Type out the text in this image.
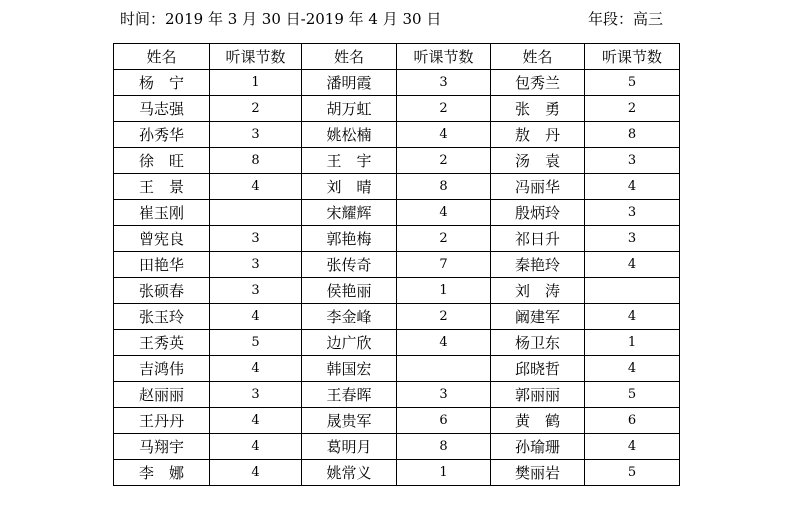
时间：2019 年 3 月 30 日-2019 年 4 月 30 日	年段：高三
姓名	听课节数	姓名	听课节数	姓名	听课节数
杨　宁	1	潘明霞	3	包秀兰	5
马志强	2	胡万虹	2	张　勇	2
孙秀华	3	姚松楠	4	敖　丹	8
徐　旺	8	王　宇	2	汤　袁	3
王　景	4	刘　晴	8	冯丽华	4
崔玉刚		宋耀辉	4	殷炳玲	3
曾宪良	3	郭艳梅	2	祁日升	3
田艳华	3	张传奇	7	秦艳玲	4
张硕春	3	侯艳丽	1	刘　涛	
张玉玲	4	李金峰	2	阚建军	4
王秀英	5	边广欣	4	杨卫东	1
吉鸿伟	4	韩国宏		邱晓哲	4
赵丽丽	3	王春晖	3	郭丽丽	5
王丹丹	4	晟贵军	6	黄　鹤	6
马翔宇	4	葛明月	8	孙瑜珊	4
李　娜	4	姚常义	1	樊丽岩	5
